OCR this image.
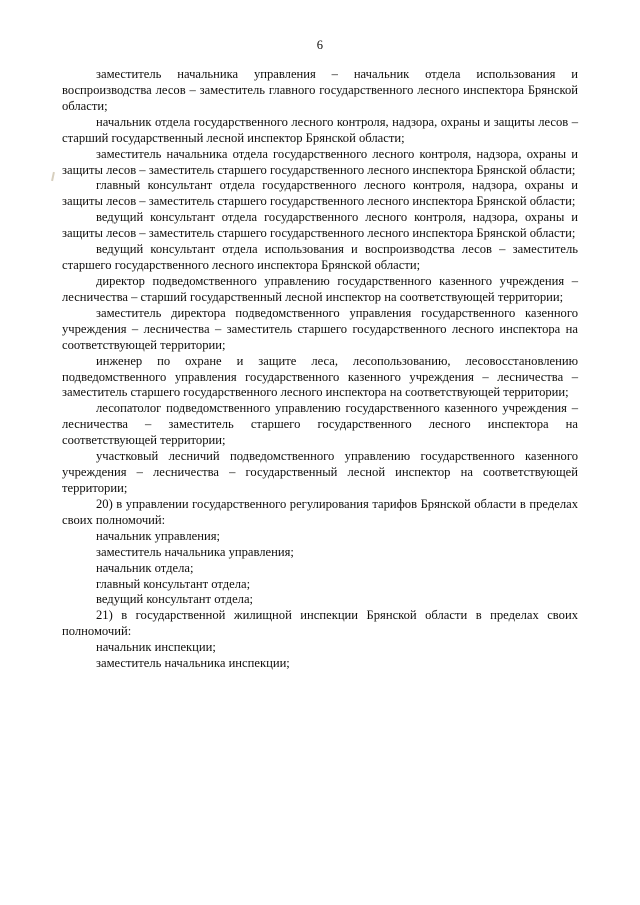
6

заместитель начальника управления – начальник отдела использования и воспроизводства лесов – заместитель главного государственного лесного инспектора Брянской области;

начальник отдела государственного лесного контроля, надзора, охраны и защиты лесов – старший государственный лесной инспектор Брянской области;

заместитель начальника отдела государственного лесного контроля, надзора, охраны и защиты лесов – заместитель старшего государственного лесного инспектора Брянской области;

главный консультант отдела государственного лесного контроля, надзора, охраны и защиты лесов – заместитель старшего государственного лесного инспектора Брянской области;

ведущий консультант отдела государственного лесного контроля, надзора, охраны и защиты лесов – заместитель старшего государственного лесного инспектора Брянской области;

ведущий консультант отдела использования и воспроизводства лесов – заместитель старшего государственного лесного инспектора Брянской области;

директор подведомственного управлению государственного казенного учреждения – лесничества – старший государственный лесной инспектор на соответствующей территории;

заместитель директора подведомственного управления государственного казенного учреждения – лесничества – заместитель старшего государственного лесного инспектора на соответствующей территории;

инженер по охране и защите леса, лесопользованию, лесовосстановлению подведомственного управления государственного казенного учреждения – лесничества – заместитель старшего государственного лесного инспектора на соответствующей территории;

лесопатолог подведомственного управлению государственного казенного учреждения – лесничества – заместитель старшего государственного лесного инспектора на соответствующей территории;

участковый лесничий подведомственного управлению государственного казенного учреждения – лесничества – государственный лесной инспектор на соответствующей территории;

20) в управлении государственного регулирования тарифов Брянской области в пределах своих полномочий:

начальник управления;

заместитель начальника управления;

начальник отдела;

главный консультант отдела;

ведущий консультант отдела;

21) в государственной жилищной инспекции Брянской области в пределах своих полномочий:

начальник инспекции;

заместитель начальника инспекции;
